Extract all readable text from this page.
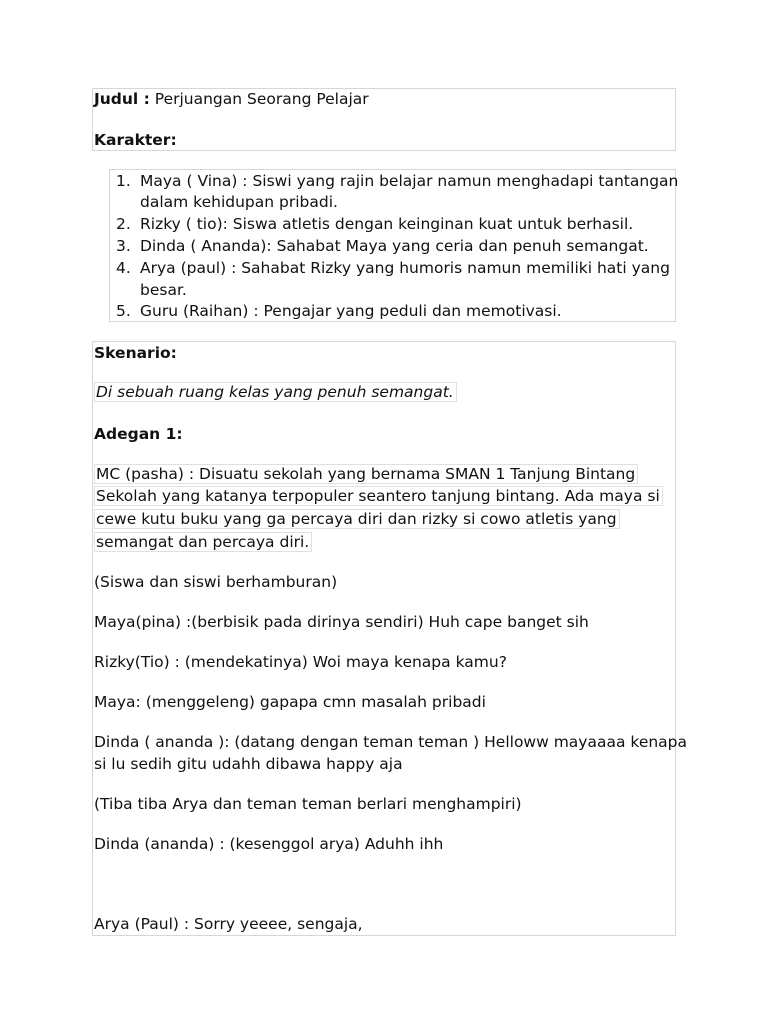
Judul : Perjuangan Seorang Pelajar
Karakter:
1. Maya ( Vina) : Siswi yang rajin belajar namun menghadapi tantangan
dalam kehidupan pribadi.
2. Rizky ( tio): Siswa atletis dengan keinginan kuat untuk berhasil.
3. Dinda ( Ananda): Sahabat Maya yang ceria dan penuh semangat.
4. Arya (paul) : Sahabat Rizky yang humoris namun memiliki hati yang
besar.
5. Guru (Raihan) : Pengajar yang peduli dan memotivasi.
Skenario:
Di sebuah ruang kelas yang penuh semangat.
Adegan 1:
MC (pasha) : Disuatu sekolah yang bernama SMAN 1 Tanjung Bintang
Sekolah yang katanya terpopuler seantero tanjung bintang. Ada maya si
cewe kutu buku yang ga percaya diri dan rizky si cowo atletis yang
semangat dan percaya diri.
(Siswa dan siswi berhamburan)
Maya(pina) :(berbisik pada dirinya sendiri) Huh cape banget sih
Rizky(Tio) : (mendekatinya) Woi maya kenapa kamu?
Maya: (menggeleng) gapapa cmn masalah pribadi
Dinda ( ananda ): (datang dengan teman teman ) Helloww mayaaaa kenapa
si lu sedih gitu udahh dibawa happy aja
(Tiba tiba Arya dan teman teman berlari menghampiri)
Dinda (ananda) : (kesenggol arya) Aduhh ihh
Arya (Paul) : Sorry yeeee, sengaja,
